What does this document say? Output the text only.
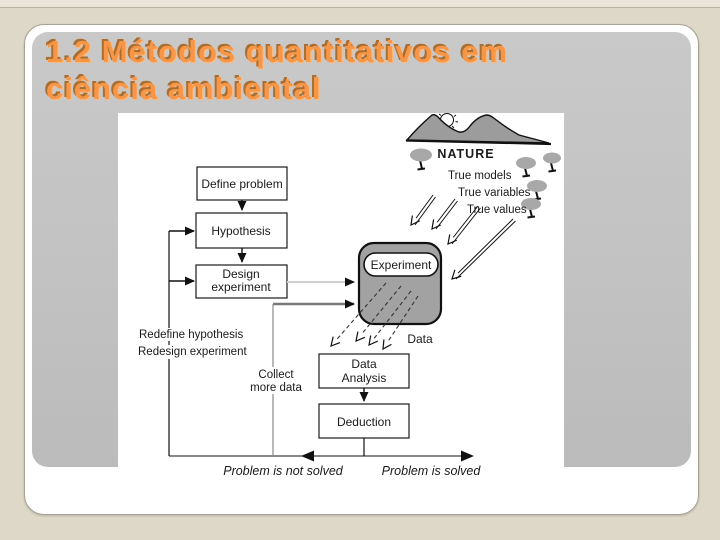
1.2 Métodos quantitativos em
ciência ambiental
NATURE
True models
True variables
True values
Define problem
Hypothesis
Design
experiment
Experiment
Data
Analysis
Deduction
Redefine hypothesis
Redesign experiment
Collect
more data
Data
Problem is not solved	Problem is solved
